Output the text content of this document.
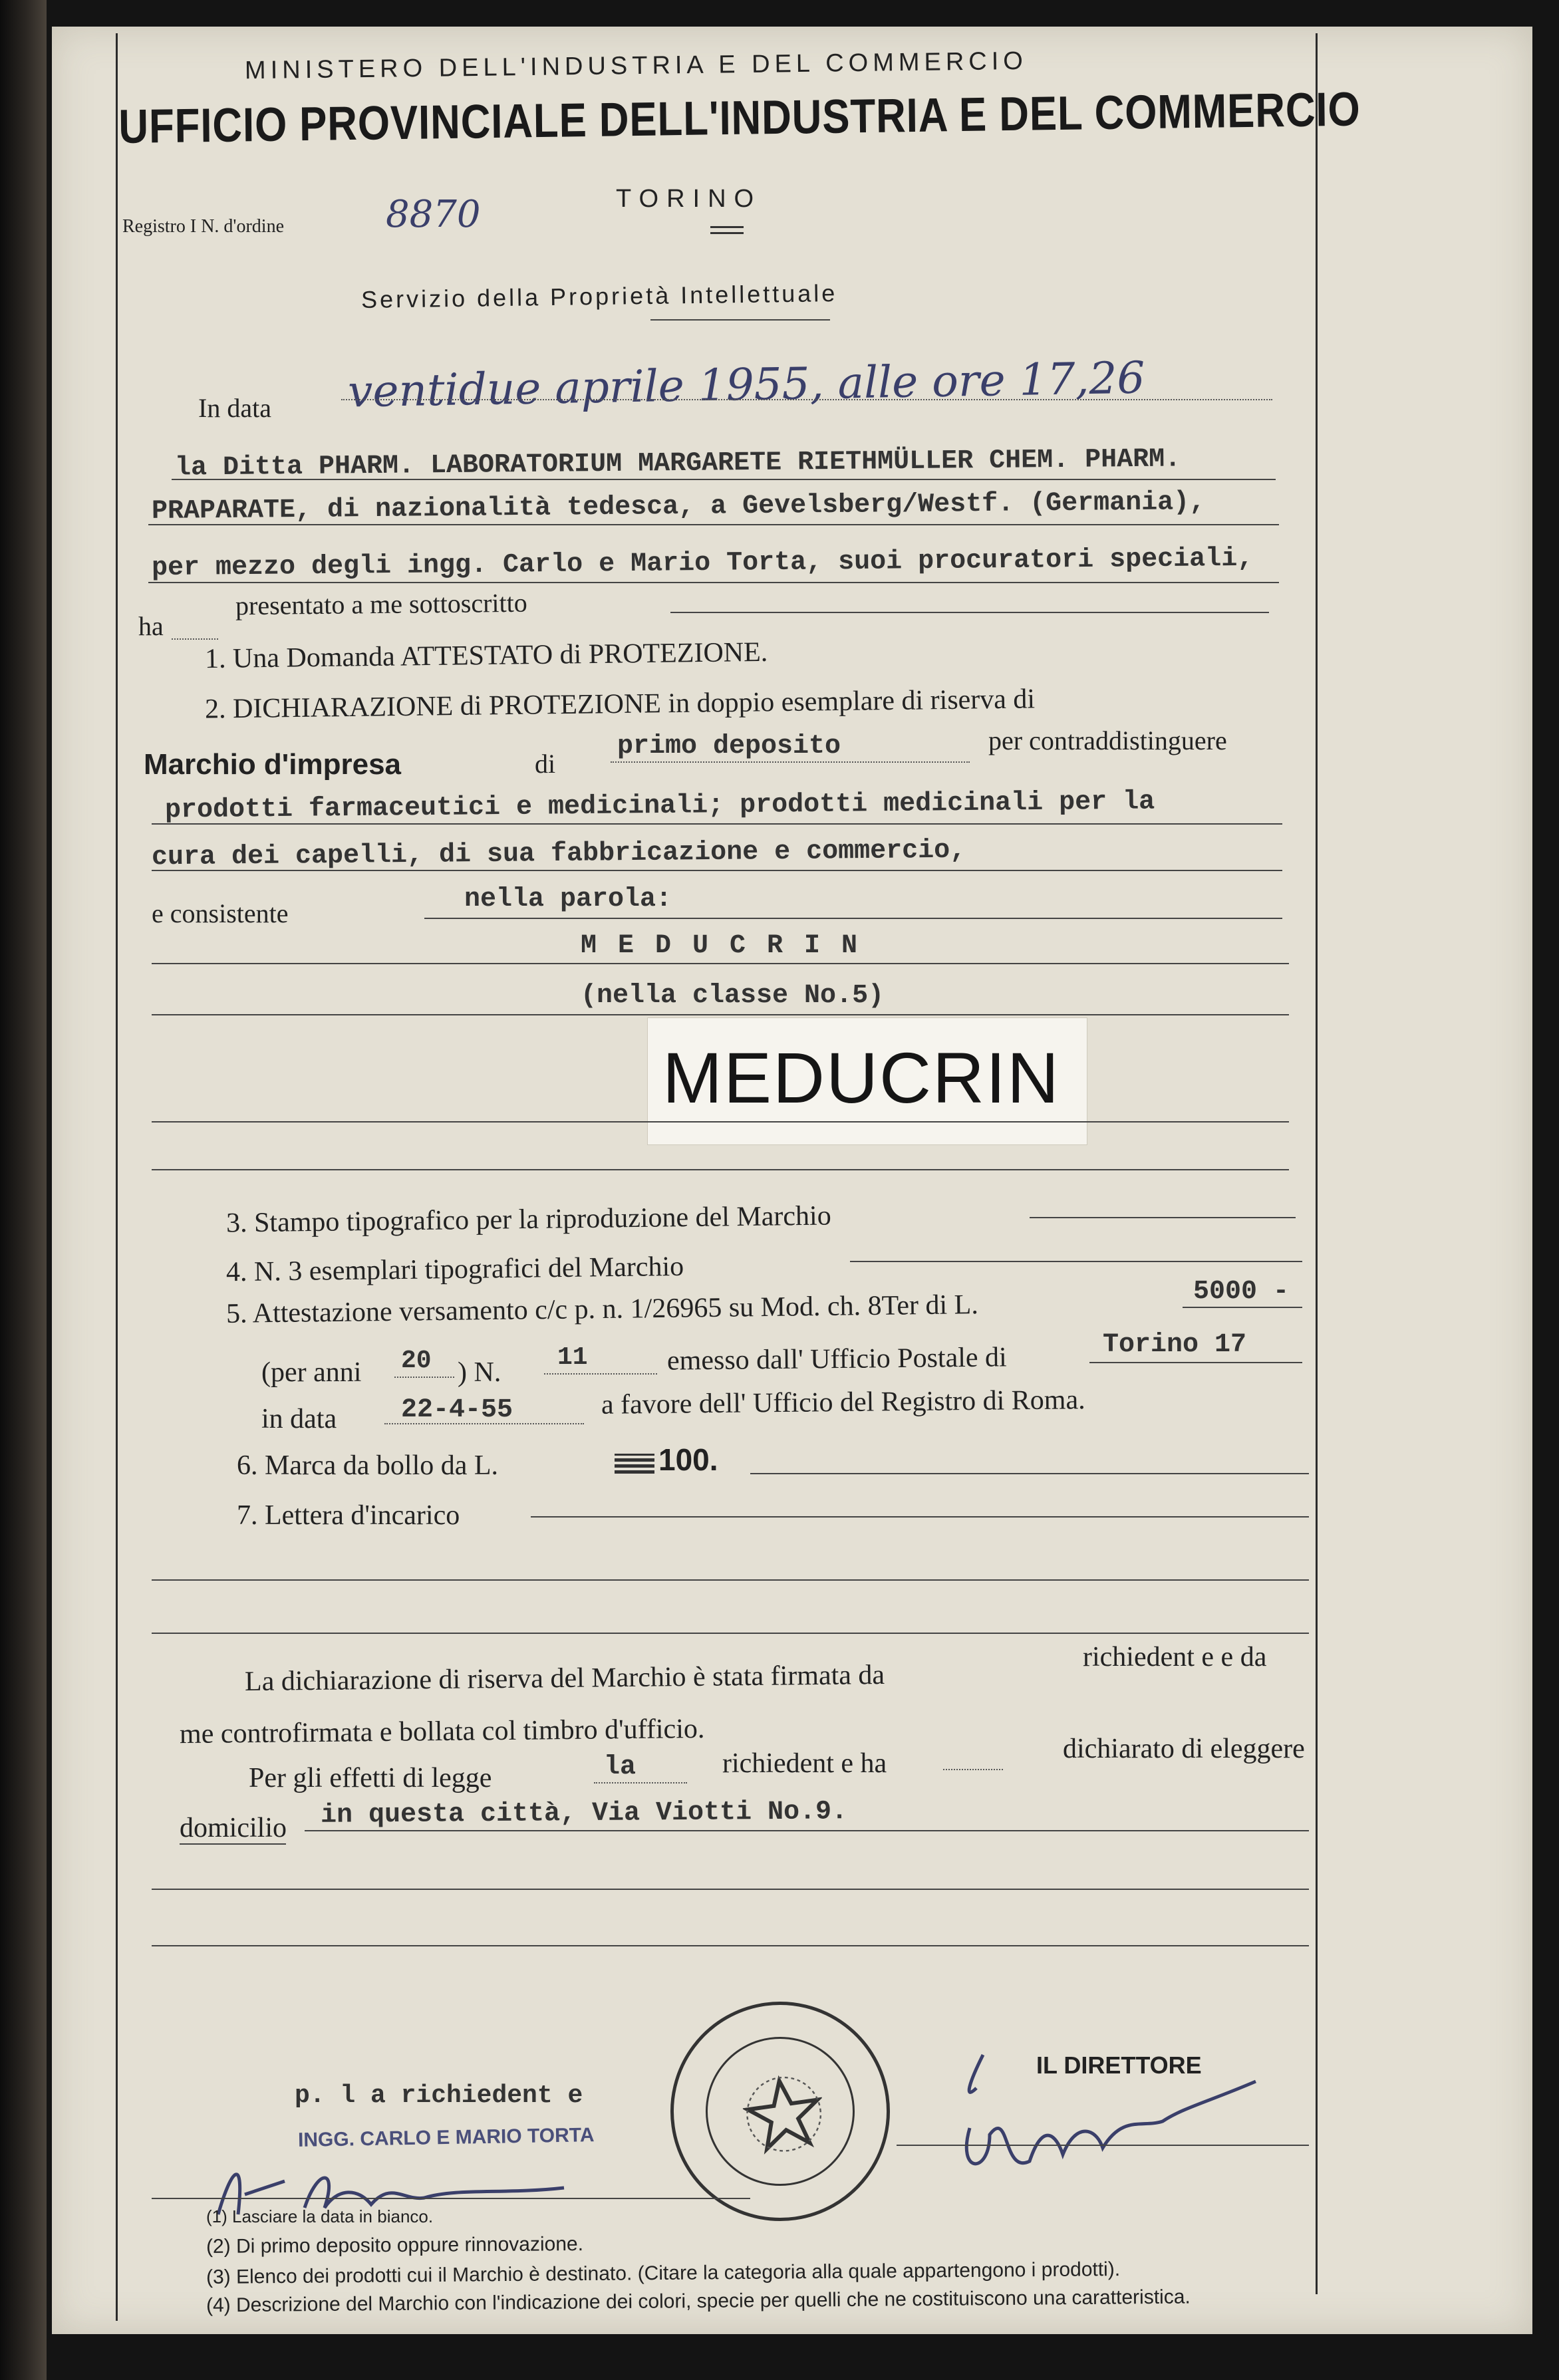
MINISTERO DELL'INDUSTRIA E DEL COMMERCIO
UFFICIO PROVINCIALE DELL'INDUSTRIA E DEL COMMERCIO
TORINO
Registro I N. d'ordine	8870
Servizio della Proprietà Intellettuale
In data ventidue aprile 1955, alle ore 17,26
la Ditta PHARM. LABORATORIUM MARGARETE RIETHMÜLLER CHEM. PHARM.
PRAPARATE, di nazionalità tedesca, a Gevelsberg/Westf. (Germania),
per mezzo degli ingg. Carlo e Mario Torta, suoi procuratori speciali,
ha
presentato a me sottoscritto
1. Una Domanda ATTESTATO di PROTEZIONE.
2. DICHIARAZIONE di PROTEZIONE in doppio esemplare di riserva di
Marchio d'impresa	di
primo deposito	per contraddistinguere
prodotti farmaceutici e medicinali; prodotti medicinali per la
cura dei capelli, di sua fabbricazione e commercio,
e consistente	nella parola:
M E D U C R I N
(nella classe No.5)
MEDUCRIN
3. Stampo tipografico per la riproduzione del Marchio
4. N. 3 esemplari tipografici del Marchio
5. Attestazione versamento c/c p. n. 1/26965 su Mod. ch. 8Ter di L.	5000 -
(per anni 20 ) N. 11	emesso dall' Ufficio Postale di	Torino 17
in data 22-4-55	a favore dell' Ufficio del Registro di Roma.
6. Marca da bollo da L.	100.
7. Lettera d'incarico
La dichiarazione di riserva del Marchio è stata firmata da
richiedent e e da
me controfirmata e bollata col timbro d'ufficio.
Per gli effetti di legge	la	richiedent e ha	dichiarato di eleggere
domicilio in questa città, Via Viotti No.9.
p. l a richiedent e
INGG. CARLO E MARIO TORTA
IL DIRETTORE
(1) Lasciare la data in bianco.
(2) Di primo deposito oppure rinnovazione.
(3) Elenco dei prodotti cui il Marchio è destinato. (Citare la categoria alla quale appartengono i prodotti).
(4) Descrizione del Marchio con l'indicazione dei colori, specie per quelli che ne costituiscono una caratteristica.
